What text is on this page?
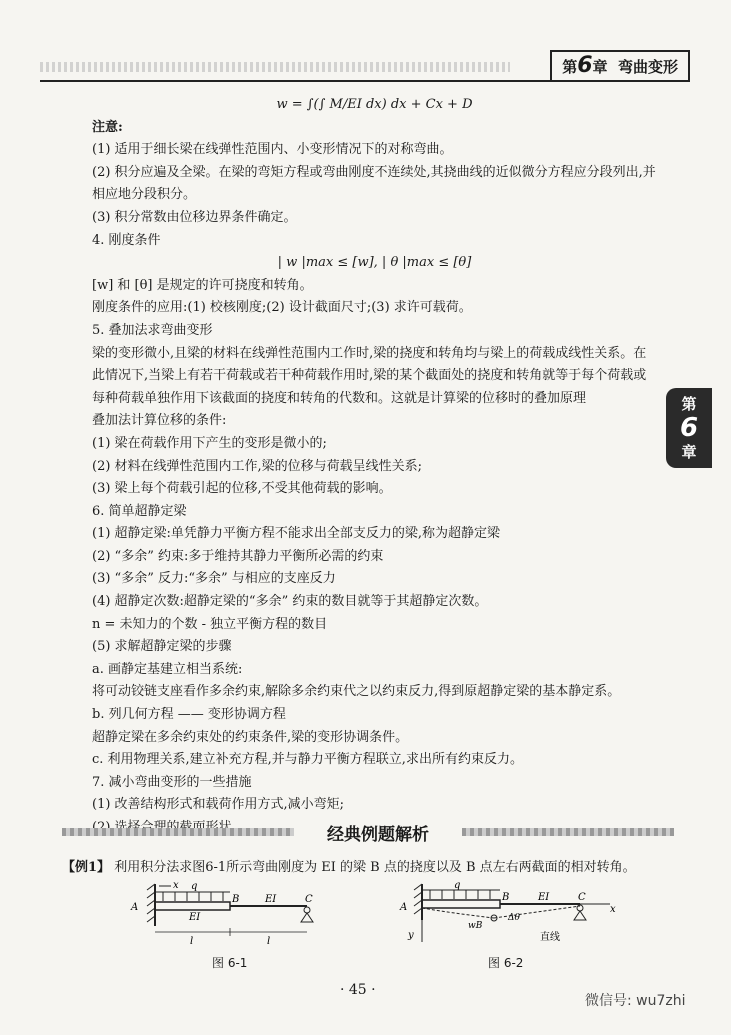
第6章 弯曲变形
第
6
章

w = ∫(∫ M/EI dx) dx + Cx + D

注意:

(1) 适用于细长梁在线弹性范围内、小变形情况下的对称弯曲。

(2) 积分应遍及全梁。在梁的弯矩方程或弯曲刚度不连续处,其挠曲线的近似微分方程应分段列出,并相应地分段积分。

(3) 积分常数由位移边界条件确定。

4. 刚度条件

| w |max ≤ [w], | θ |max ≤ [θ]

[w] 和 [θ] 是规定的许可挠度和转角。

刚度条件的应用:(1) 校核刚度;(2) 设计截面尺寸;(3) 求许可载荷。

5. 叠加法求弯曲变形

梁的变形微小,且梁的材料在线弹性范围内工作时,梁的挠度和转角均与梁上的荷载成线性关系。在此情况下,当梁上有若干荷载或若干种荷载作用时,梁的某个截面处的挠度和转角就等于每个荷载或每种荷载单独作用下该截面的挠度和转角的代数和。这就是计算梁的位移时的叠加原理

叠加法计算位移的条件:

(1) 梁在荷载作用下产生的变形是微小的;

(2) 材料在线弹性范围内工作,梁的位移与荷载呈线性关系;

(3) 梁上每个荷载引起的位移,不受其他荷载的影响。

6. 简单超静定梁

(1) 超静定梁:单凭静力平衡方程不能求出全部支反力的梁,称为超静定梁

(2) “多余” 约束:多于维持其静力平衡所必需的约束

(3) “多余” 反力:“多余” 与相应的支座反力

(4) 超静定次数:超静定梁的“多余” 约束的数目就等于其超静定次数。

n = 未知力的个数 - 独立平衡方程的数目

(5) 求解超静定梁的步骤

a. 画静定基建立相当系统:

将可动铰链支座看作多余约束,解除多余约束代之以约束反力,得到原超静定梁的基本静定系。

b. 列几何方程 —— 变形协调方程

超静定梁在多余约束处的约束条件,梁的变形协调条件。

c. 利用物理关系,建立补充方程,并与静力平衡方程联立,求出所有约束反力。

7. 减小弯曲变形的一些措施

(1) 改善结构形式和载荷作用方式,减小弯矩;

经典例题解析
【例1】 利用积分法求图6-1所示弯曲刚度为 EI 的梁 B 点的挠度以及 B 点左右两截面的相对转角。
A
x q
B	C
EI
EI
l	l
图 6-1
A
q
B	C
x
y
EI
wB
Δθ
直线
图 6-2
· 45 ·
微信号: wu7zhi
